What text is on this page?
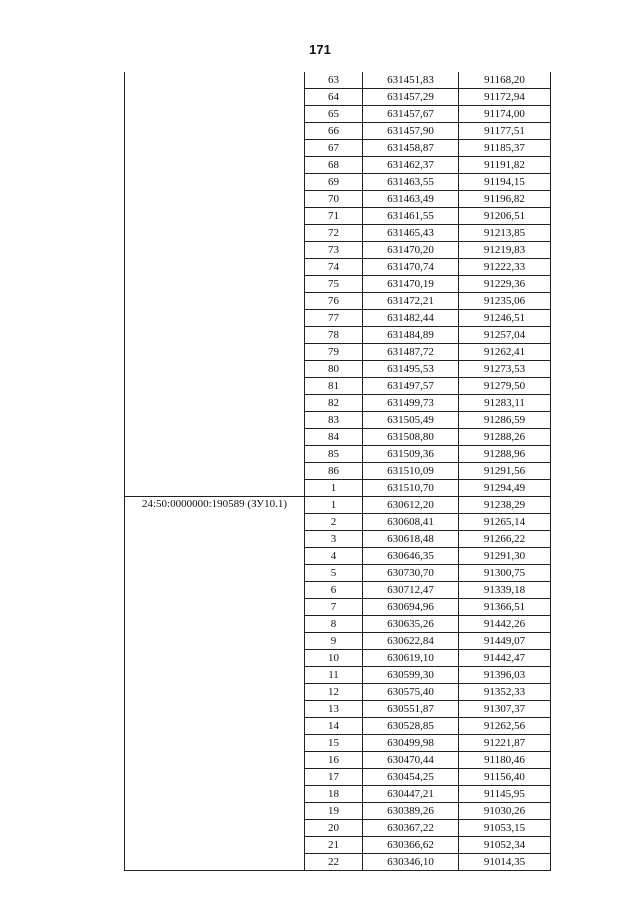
171
	63	631451,83	91168,20
	64	631457,29	91172,94
	65	631457,67	91174,00
	66	631457,90	91177,51
	67	631458,87	91185,37
	68	631462,37	91191,82
	69	631463,55	91194,15
	70	631463,49	91196,82
	71	631461,55	91206,51
	72	631465,43	91213,85
	73	631470,20	91219,83
	74	631470,74	91222,33
	75	631470,19	91229,36
	76	631472,21	91235,06
	77	631482,44	91246,51
	78	631484,89	91257,04
	79	631487,72	91262,41
	80	631495,53	91273,53
	81	631497,57	91279,50
	82	631499,73	91283,11
	83	631505,49	91286,59
	84	631508,80	91288,26
	85	631509,36	91288,96
	86	631510,09	91291,56
	1	631510,70	91294,49
24:50:0000000:190589 (ЗУ10.1)	1	630612,20	91238,29
	2	630608,41	91265,14
	3	630618,48	91266,22
	4	630646,35	91291,30
	5	630730,70	91300,75
	6	630712,47	91339,18
	7	630694,96	91366,51
	8	630635,26	91442,26
	9	630622,84	91449,07
	10	630619,10	91442,47
	11	630599,30	91396,03
	12	630575,40	91352,33
	13	630551,87	91307,37
	14	630528,85	91262,56
	15	630499,98	91221,87
	16	630470,44	91180,46
	17	630454,25	91156,40
	18	630447,21	91145,95
	19	630389,26	91030,26
	20	630367,22	91053,15
	21	630366,62	91052,34
	22	630346,10	91014,35
